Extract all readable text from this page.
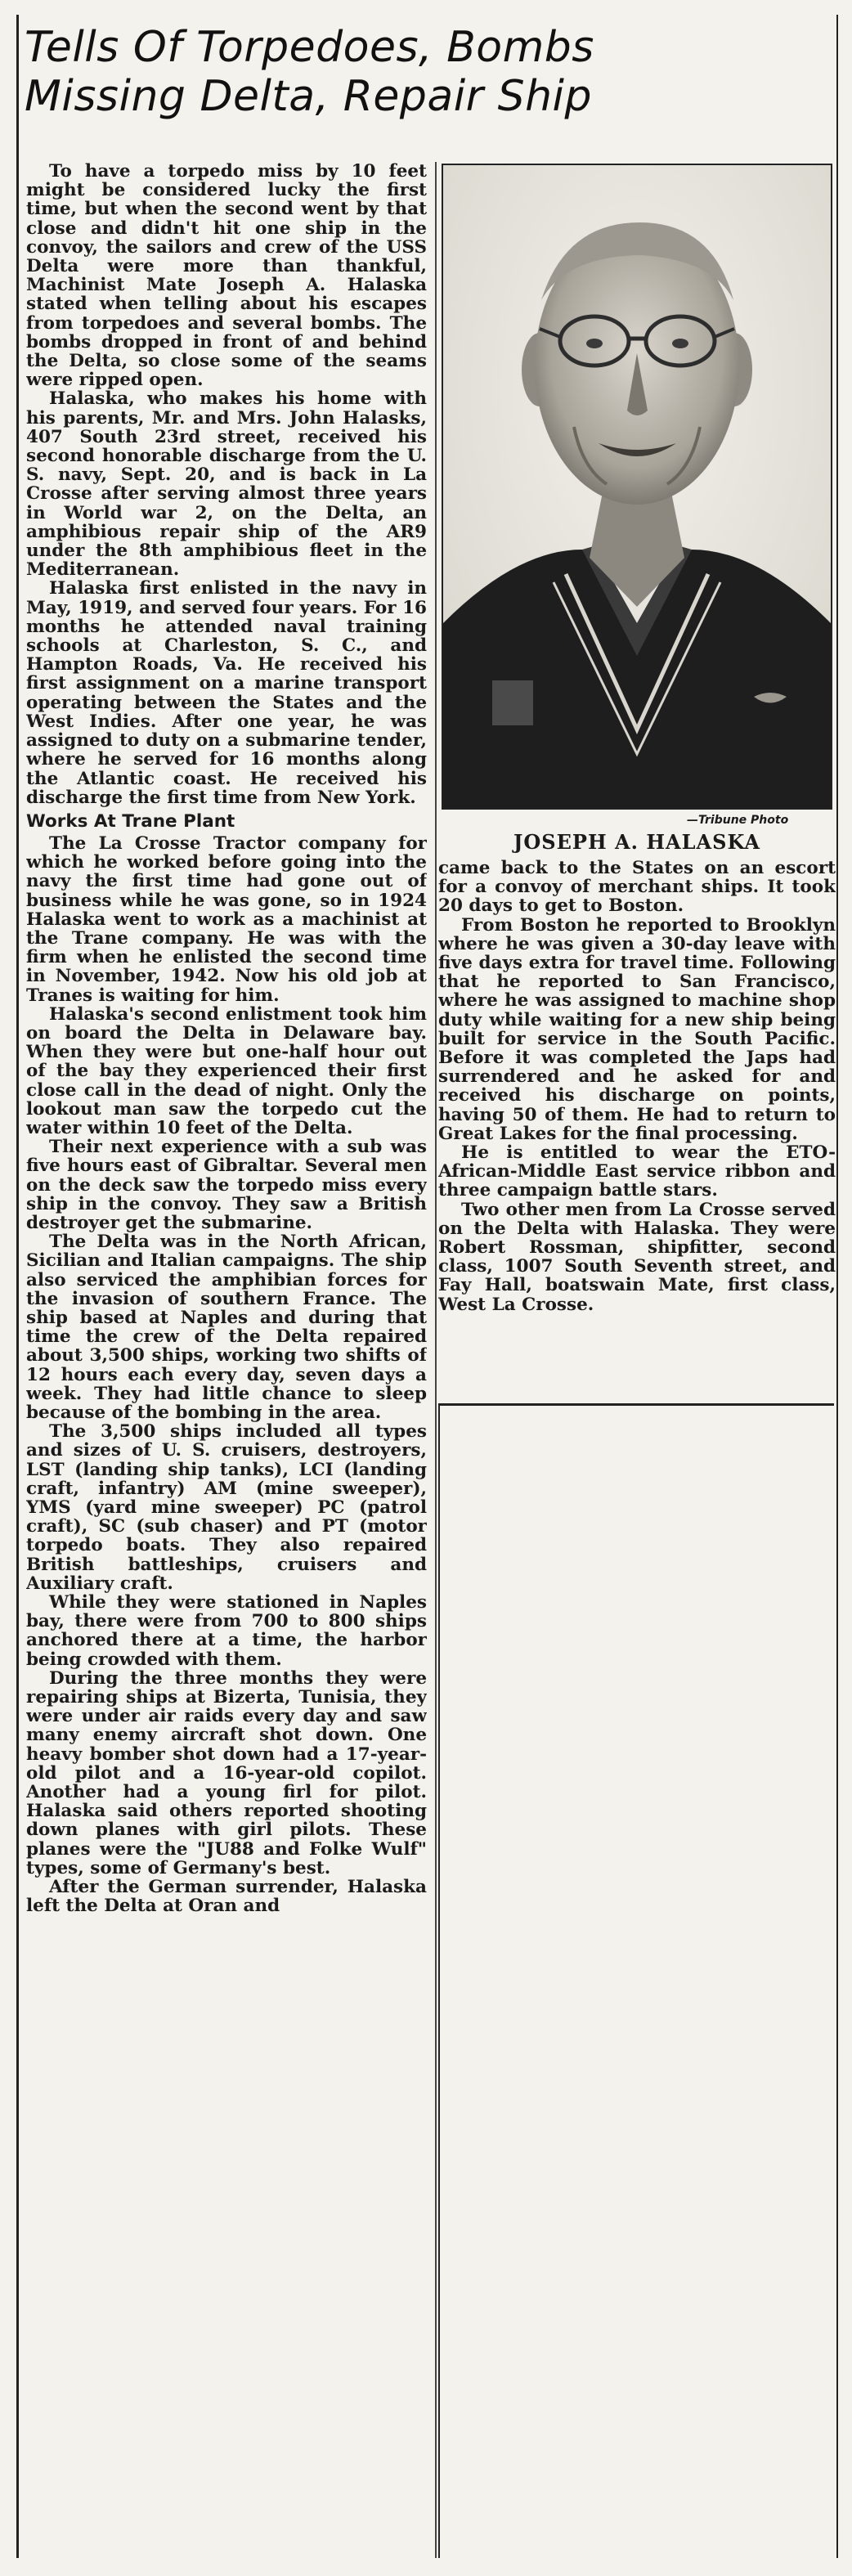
Tells Of Torpedoes, Bombs
Missing Delta, Repair Ship

To have a torpedo miss by 10 feet might be considered lucky the first time, but when the second went by that close and didn't hit one ship in the convoy, the sailors and crew of the USS Delta were more than thankful, Machinist Mate Joseph A. Halaska stated when telling about his escapes from torpedoes and several bombs. The bombs dropped in front of and behind the Delta, so close some of the seams were ripped open.

Halaska, who makes his home with his parents, Mr. and Mrs. John Halasks, 407 South 23rd street, received his second honorable discharge from the U. S. navy, Sept. 20, and is back in La Crosse after serving almost three years in World war 2, on the Delta, an amphibious repair ship of the AR9 under the 8th amphibious fleet in the Mediterranean.

Halaska first enlisted in the navy in May, 1919, and served four years. For 16 months he attended naval training schools at Charleston, S. C., and Hampton Roads, Va. He received his first assignment on a marine transport operating between the States and the West Indies. After one year, he was assigned to duty on a submarine tender, where he served for 16 months along the Atlantic coast. He received his discharge the first time from New York.

Works At Trane Plant

The La Crosse Tractor company for which he worked before going into the navy the first time had gone out of business while he was gone, so in 1924 Halaska went to work as a machinist at the Trane company. He was with the firm when he enlisted the second time in November, 1942. Now his old job at Tranes is waiting for him.

Halaska's second enlistment took him on board the Delta in Delaware bay. When they were but one-half hour out of the bay they experienced their first close call in the dead of night. Only the lookout man saw the torpedo cut the water within 10 feet of the Delta.

Their next experience with a sub was five hours east of Gibraltar. Several men on the deck saw the torpedo miss every ship in the convoy. They saw a British destroyer get the submarine.

The Delta was in the North African, Sicilian and Italian campaigns. The ship also serviced the amphibian forces for the invasion of southern France. The ship based at Naples and during that time the crew of the Delta repaired about 3,500 ships, working two shifts of 12 hours each every day, seven days a week. They had little chance to sleep because of the bombing in the area.

The 3,500 ships included all types and sizes of U. S. cruisers, destroyers, LST (landing ship tanks), LCI (landing craft, infantry) AM (mine sweeper), YMS (yard mine sweeper) PC (patrol craft), SC (sub chaser) and PT (motor torpedo boats. They also repaired British battleships, cruisers and Auxiliary craft.

While they were stationed in Naples bay, there were from 700 to 800 ships anchored there at a time, the harbor being crowded with them.

During the three months they were repairing ships at Bizerta, Tunisia, they were under air raids every day and saw many enemy aircraft shot down. One heavy bomber shot down had a 17-year-old pilot and a 16-year-old copilot. Another had a young firl for pilot. Halaska said others reported shooting down planes with girl pilots. These planes were the "JU88 and Folke Wulf" types, some of Germany's best.

After the German surrender, Halaska left the Delta at Oran and

—Tribune Photo
JOSEPH A. HALASKA

came back to the States on an escort for a convoy of merchant ships. It took 20 days to get to Boston.

From Boston he reported to Brooklyn where he was given a 30-day leave with five days extra for travel time. Following that he reported to San Francisco, where he was assigned to machine shop duty while waiting for a new ship being built for service in the South Pacific. Before it was completed the Japs had surrendered and he asked for and received his discharge on points, having 50 of them. He had to return to Great Lakes for the final processing.

He is entitled to wear the ETO-African-Middle East service ribbon and three campaign battle stars.

Two other men from La Crosse served on the Delta with Halaska. They were Robert Rossman, shipfitter, second class, 1007 South Seventh street, and Fay Hall, boatswain Mate, first class, West La Crosse.
